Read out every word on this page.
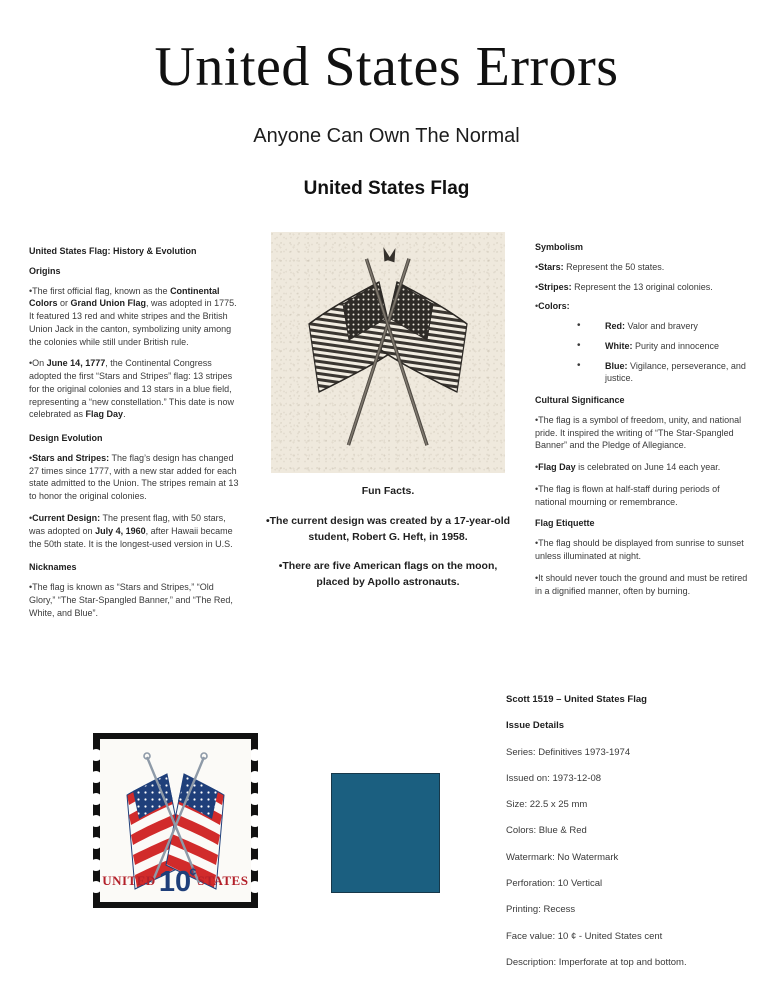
United States Errors
Anyone Can Own The Normal
United States Flag
United States Flag: History & Evolution
Origins

•The first official flag, known as the Continental Colors or Grand Union Flag, was adopted in 1775. It featured 13 red and white stripes and the British Union Jack in the canton, symbolizing unity among the colonies while still under British rule.

•On June 14, 1777, the Continental Congress adopted the first “Stars and Stripes” flag: 13 stripes for the original colonies and 13 stars in a blue field, representing a “new constellation.” This date is now celebrated as Flag Day.

Design Evolution

•Stars and Stripes: The flag’s design has changed 27 times since 1777, with a new star added for each state admitted to the Union. The stripes remain at 13 to honor the original colonies.

•Current Design: The present flag, with 50 stars, was adopted on July 4, 1960, after Hawaii became the 50th state. It is the longest-used version in U.S.

Nicknames

•The flag is known as “Stars and Stripes,” “Old Glory,” “The Star-Spangled Banner,” and “The Red, White, and Blue”.

Fun Facts.
•The current design was created by a 17-year-old student, Robert G. Heft, in 1958.
•There are five American flags on the moon, placed by Apollo astronauts.
Symbolism

•Stars: Represent the 50 states.

•Stripes: Represent the 13 original colonies.

•Colors:

•	Red: Valor and bravery
•	White: Purity and innocence
•	Blue: Vigilance, perseverance, and justice.
Cultural Significance

•The flag is a symbol of freedom, unity, and national pride. It inspired the writing of “The Star-Spangled Banner” and the Pledge of Allegiance.

•Flag Day is celebrated on June 14 each year.

•The flag is flown at half-staff during periods of national mourning or remembrance.

Flag Etiquette

•The flag should be displayed from sunrise to sunset unless illuminated at night.

•It should never touch the ground and must be retired in a dignified manner, often by burning.

UNITED 10
¢
STATES
Scott 1519 – United States Flag
Issue Details
Series: Definitives 1973-1974
Issued on: 1973-12-08
Size: 22.5 x 25 mm
Colors: Blue & Red
Watermark: No Watermark
Perforation: 10 Vertical
Printing: Recess
Face value: 10 ¢ - United States cent
Description: Imperforate at top and bottom.
